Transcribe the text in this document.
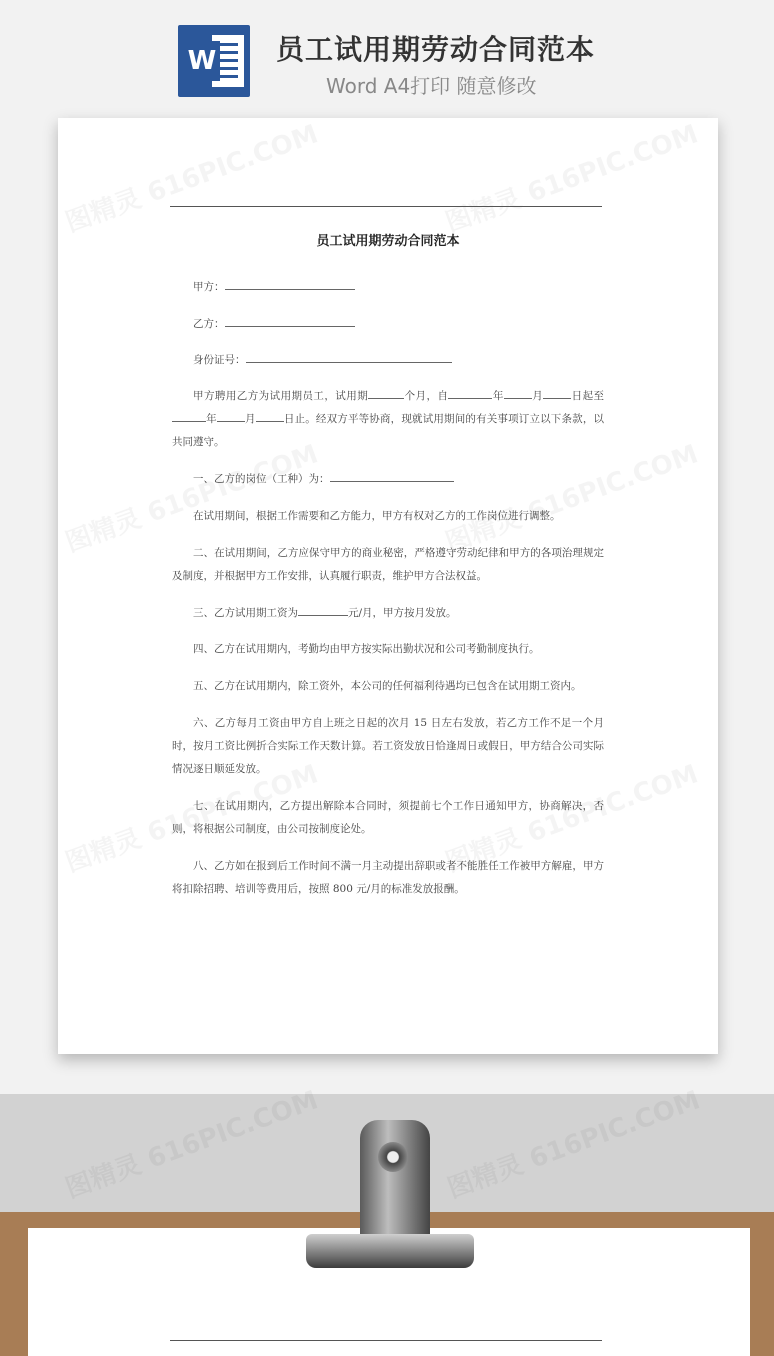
W 员工试用期劳动合同范本
Word A4打印 随意修改
员工试用期劳动合同范本
甲方：
乙方：
身份证号：
甲方聘用乙方为试用期员工，试用期	个月，自	年	月	日起至年	月	日止。经双方平等协商，现就试用期间的有关事项订立以下条款，以共同遵守。
一、乙方的岗位（工种）为：
在试用期间，根据工作需要和乙方能力，甲方有权对乙方的工作岗位进行调整。
二、在试用期间，乙方应保守甲方的商业秘密，严格遵守劳动纪律和甲方的各项治理规定及制度，并根据甲方工作安排，认真履行职责，维护甲方合法权益。
三、乙方试用期工资为	元/月，甲方按月发放。
四、乙方在试用期内，考勤均由甲方按实际出勤状况和公司考勤制度执行。
五、乙方在试用期内，除工资外，本公司的任何福利待遇均已包含在试用期工资内。
六、乙方每月工资由甲方自上班之日起的次月 15 日左右发放，若乙方工作不足一个月时，按月工资比例折合实际工作天数计算。若工资发放日恰逢周日或假日，甲方结合公司实际情况逐日顺延发放。
七、在试用期内，乙方提出解除本合同时，须提前七个工作日通知甲方，协商解决，否则，将根据公司制度，由公司按制度论处。
八、乙方如在报到后工作时间不满一月主动提出辞职或者不能胜任工作被甲方解雇，甲方将扣除招聘、培训等费用后，按照 800 元/月的标准发放报酬。
